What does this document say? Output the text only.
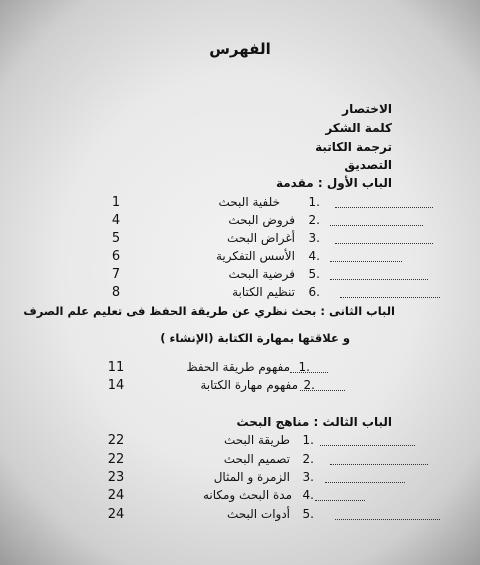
الفهرس
الاختصار
كلمة الشكر
ترجمة الكاتبة
التصديق
الباب الأول : مقدمة
1	خلفية البحث .1
4	فروض البحث .2
5	أغراض البحث .3
6	الأسس التفكرية .4
7	فرضية البحث .5
8	تنظيم الكتابة .6
الباب الثانى : بحث نظري عن طريقة الحفظ فى تعليم علم الصرف
و علاقتها بمهارة الكتابة (الإنشاء )
11	مفهوم طريقة الحفظ .1
14	مفهوم مهارة الكتابة .2
الباب الثالث : مناهج البحث
22	طريقة البحث .1
22	تصميم البحث .2
23	الزمرة و المثال .3
24	مدة البحث ومكانه .4
24	أدوات البحث .5
